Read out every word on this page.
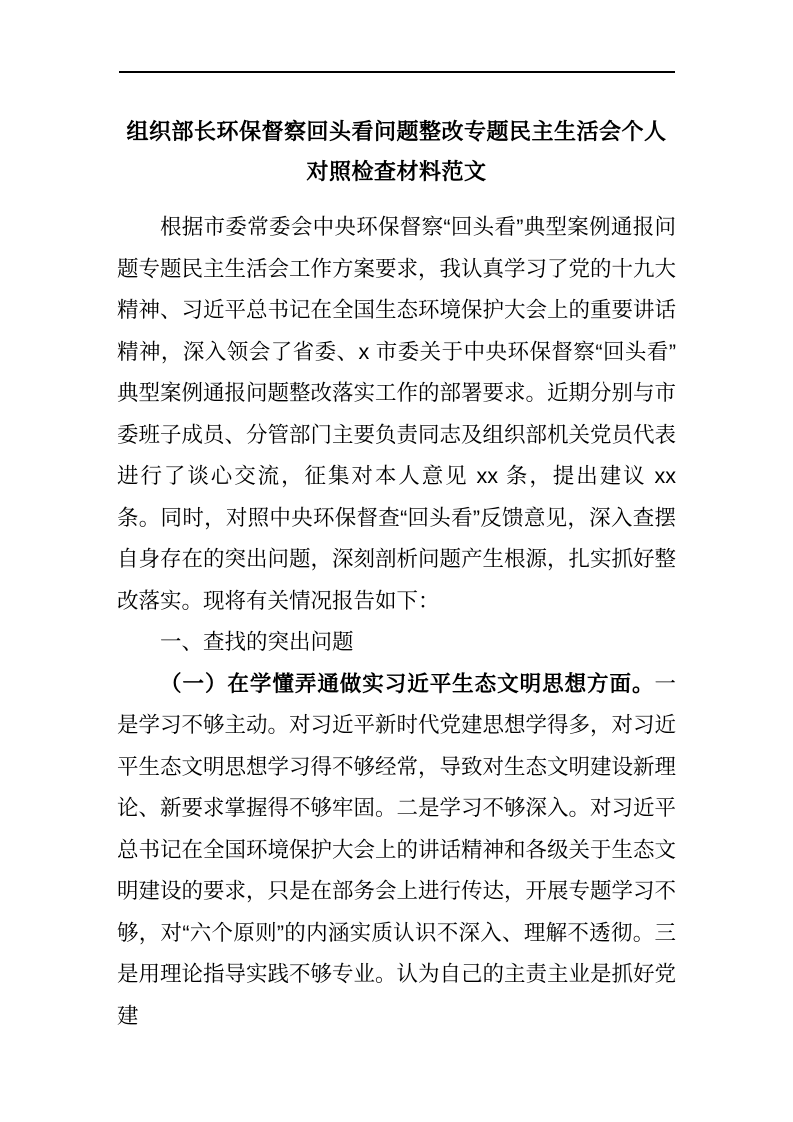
组织部长环保督察回头看问题整改专题民主生活会个人对照检查材料范文

根据市委常委会中央环保督察“回头看”典型案例通报问题专题民主生活会工作方案要求，我认真学习了党的十九大精神、习近平总书记在全国生态环境保护大会上的重要讲话精神，深入领会了省委、x 市委关于中央环保督察“回头看”典型案例通报问题整改落实工作的部署要求。近期分别与市委班子成员、分管部门主要负责同志及组织部机关党员代表进行了谈心交流，征集对本人意见 xx 条，提出建议 xx 条。同时，对照中央环保督查“回头看”反馈意见，深入查摆自身存在的突出问题，深刻剖析问题产生根源，扎实抓好整改落实。现将有关情况报告如下：

一、查找的突出问题

（一）在学懂弄通做实习近平生态文明思想方面。一是学习不够主动。对习近平新时代党建思想学得多，对习近平生态文明思想学习得不够经常，导致对生态文明建设新理论、新要求掌握得不够牢固。二是学习不够深入。对习近平总书记在全国环境保护大会上的讲话精神和各级关于生态文明建设的要求，只是在部务会上进行传达，开展专题学习不够，对“六个原则”的内涵实质认识不深入、理解不透彻。三是用理论指导实践不够专业。认为自己的主责主业是抓好党建
